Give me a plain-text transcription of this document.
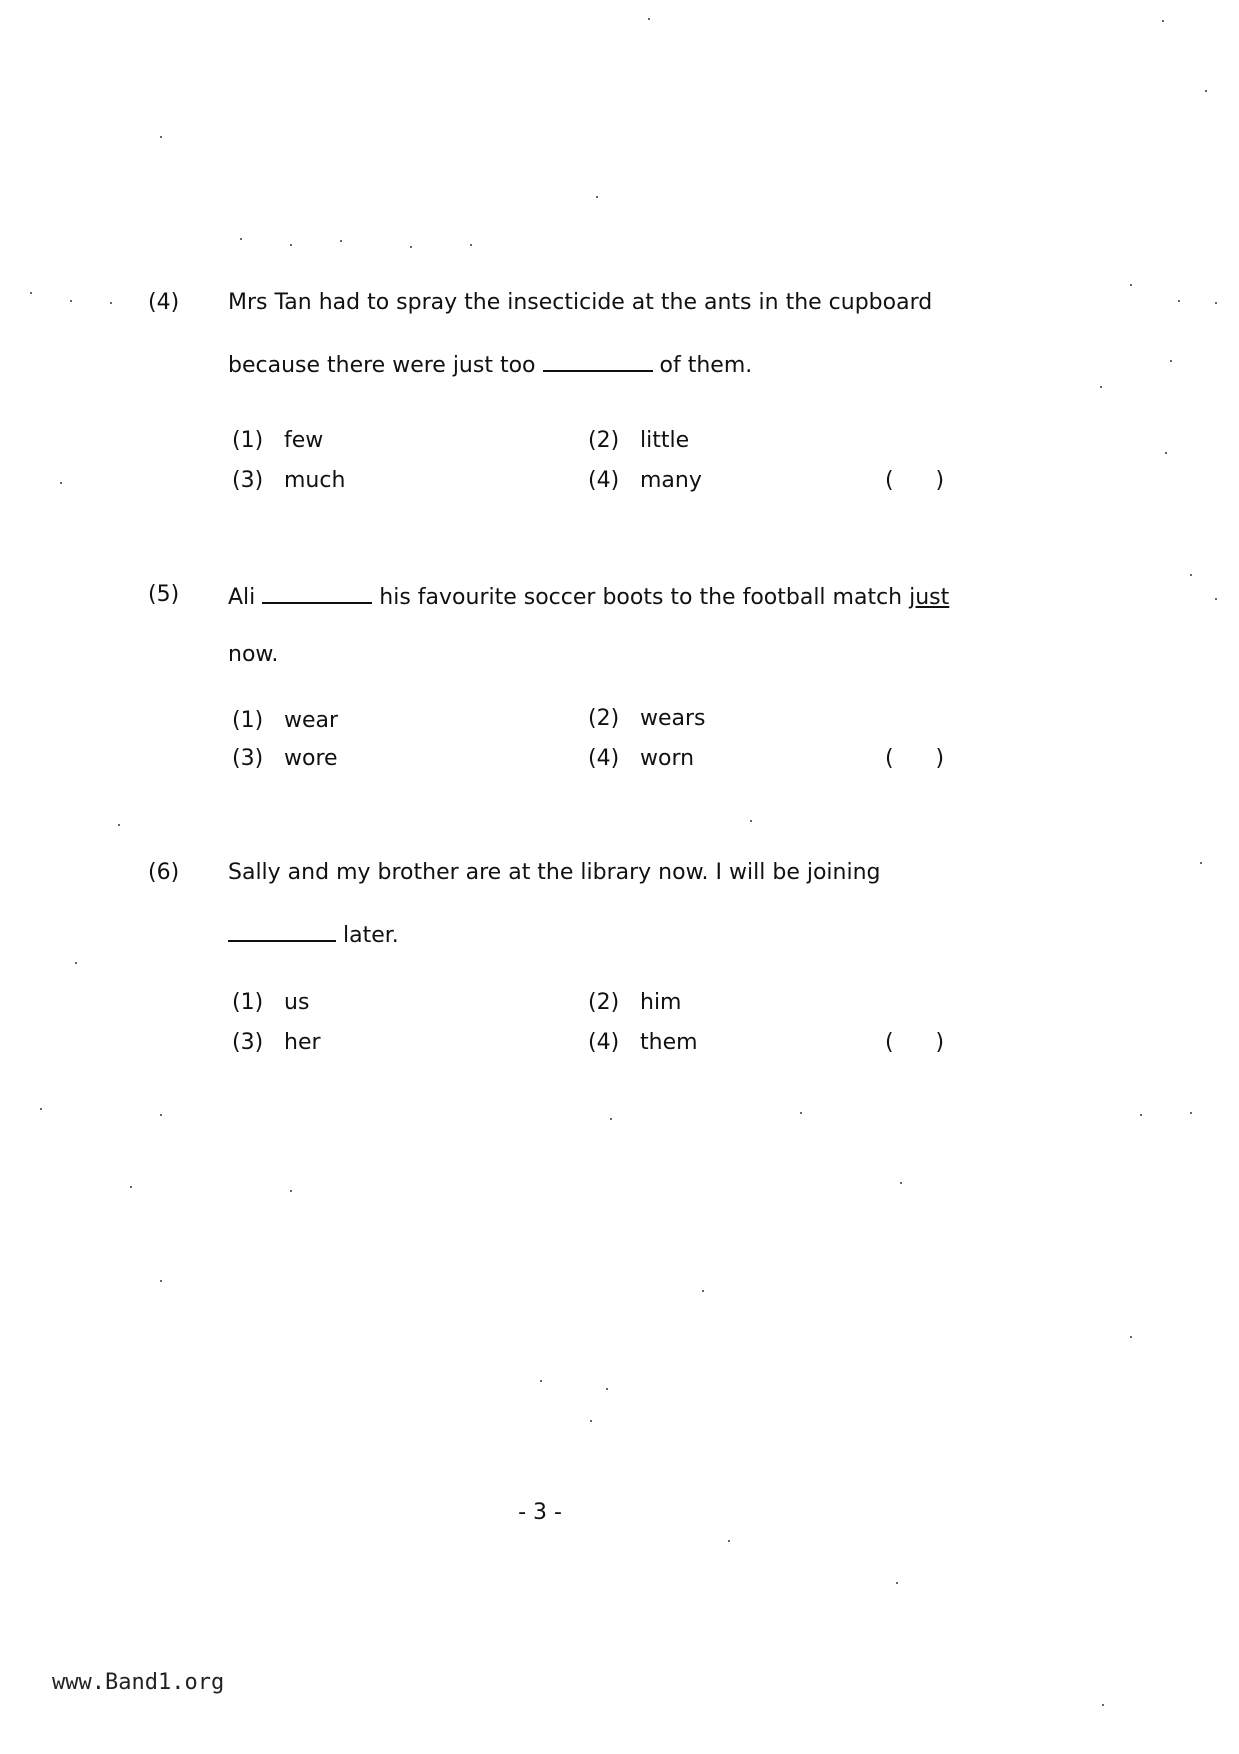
(4) Mrs Tan had to spray the insecticide at the ants in the cupboard
because there were just too	of them.
(1) few	(2) little
(3) much	(4) many	(      )
(5) Ali	his favourite soccer boots to the football match just
now.
(1) wear	(2) wears
(3) wore	(4) worn	(      )
(6) Sally and my brother are at the library now. I will be joining
later.
(1) us	(2) him
(3) her	(4) them	(      )
- 3 -
www.Band1.org
